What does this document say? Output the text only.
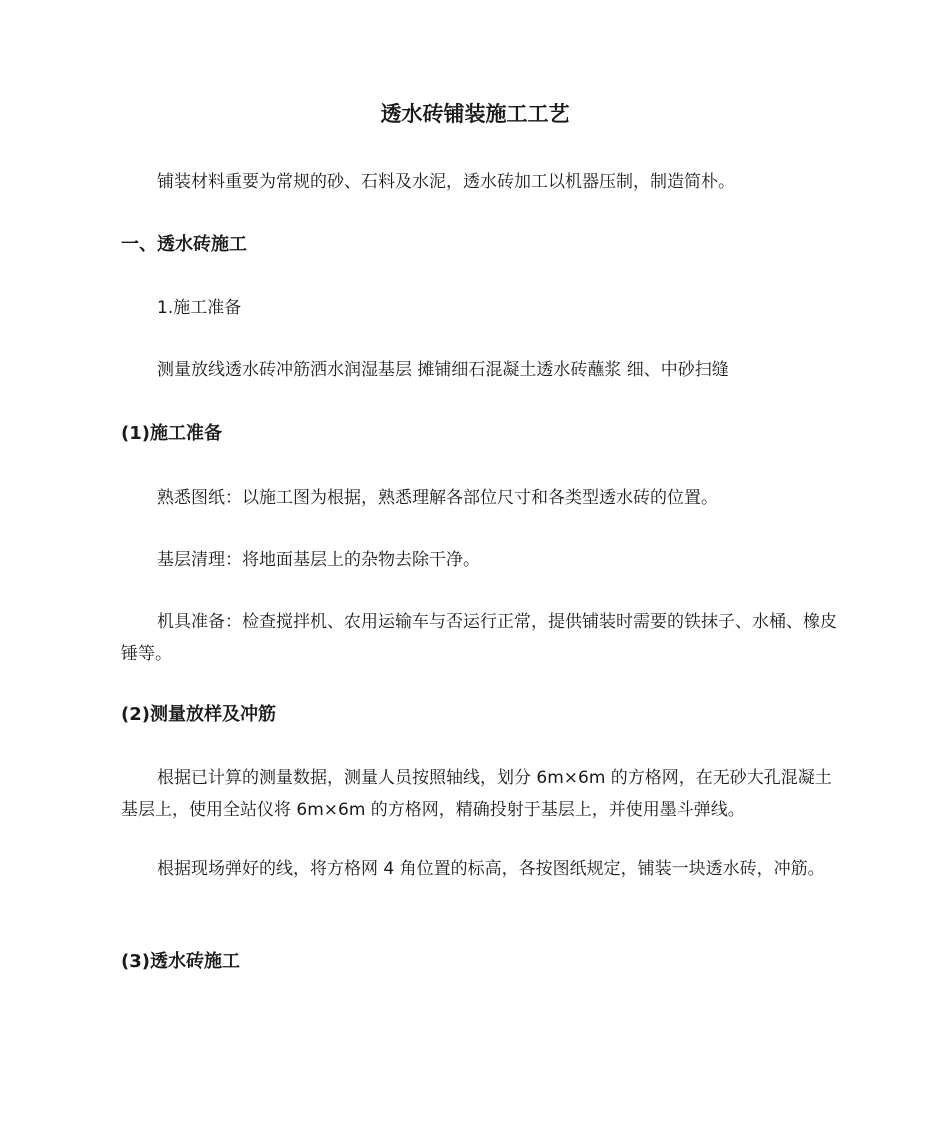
透水砖铺装施工工艺
铺装材料重要为常规的砂、石料及水泥，透水砖加工以机器压制，制造简朴。
一、透水砖施工
1.施工准备
测量放线透水砖冲筋洒水润湿基层 摊铺细石混凝土透水砖蘸浆 细、中砂扫缝
(1)施工准备
熟悉图纸：以施工图为根据，熟悉理解各部位尺寸和各类型透水砖的位置。
基层清理：将地面基层上的杂物去除干净。
机具准备：检查搅拌机、农用运输车与否运行正常，提供铺装时需要的铁抹子、水桶、橡皮锤等。
(2)测量放样及冲筋
根据已计算的测量数据，测量人员按照轴线，划分 6m×6m 的方格网，在无砂大孔混凝土基层上，使用全站仪将 6m×6m 的方格网，精确投射于基层上，并使用墨斗弹线。
根据现场弹好的线，将方格网 4 角位置的标高，各按图纸规定，铺装一块透水砖，冲筋。
(3)透水砖施工
